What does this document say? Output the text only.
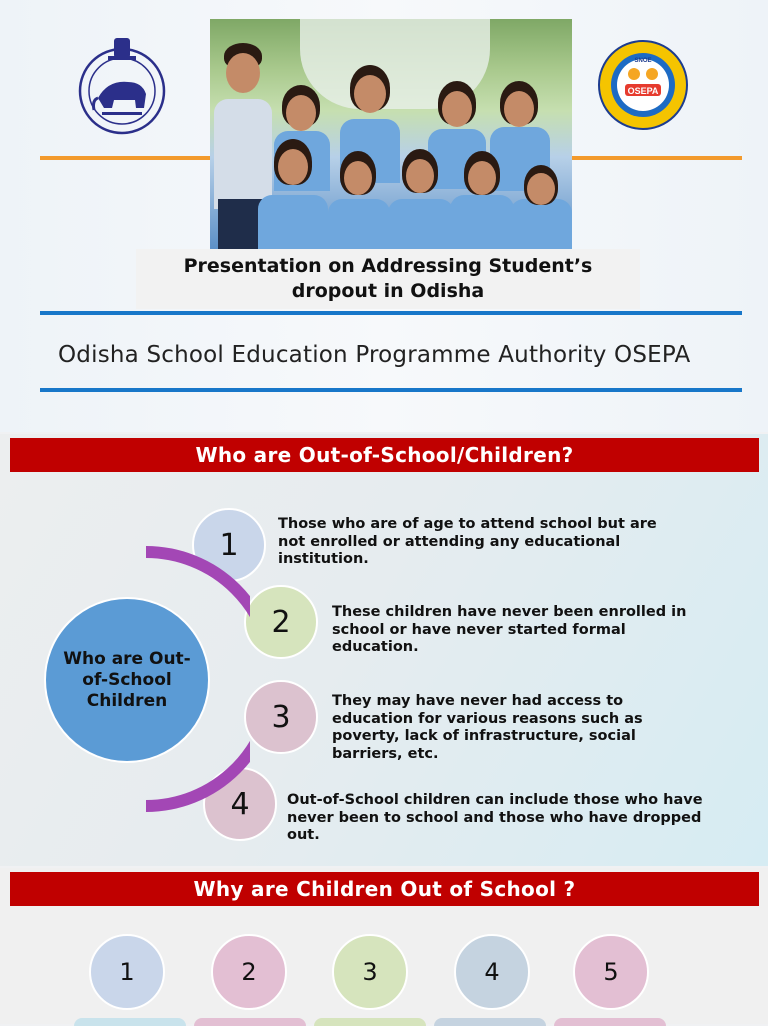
OSEPA
SNOE
Presentation on Addressing Student’s dropout in Odisha
Odisha School Education Programme Authority OSEPA
Who are Out-of-School/Children?
Who are Out-of-School Children
1
Those who are of age to attend school but are not enrolled or attending any educational institution.
2	These children have never been enrolled in school or have never started formal education.
3	They may have never had access to education for various reasons such as poverty, lack of infrastructure, social barriers, etc.
4	Out-of-School children can include those who have never been to school and those who have dropped out.
Why are Children Out of School ?
1	2	3	4	5
